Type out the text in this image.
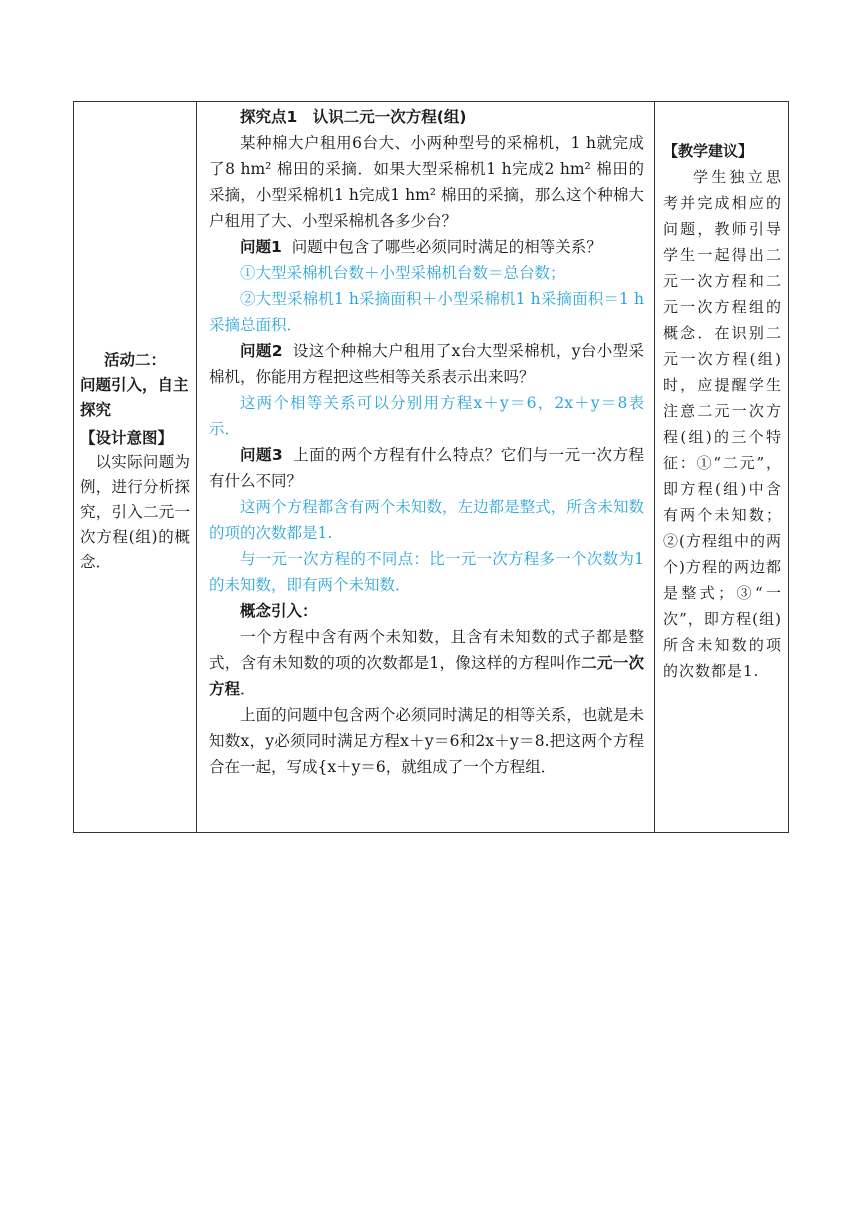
活动二：
问题引入，自主探究
【设计意图】
以实际问题为例，进行分析探究，引入二元一次方程(组)的概念．

探究点1　认识二元一次方程(组)

某种棉大户租用6台大、小两种型号的采棉机，1 h就完成了8 hm² 棉田的采摘．如果大型采棉机1 h完成2 hm² 棉田的采摘，小型采棉机1 h完成1 hm² 棉田的采摘，那么这个种棉大户租用了大、小型采棉机各多少台？

问题1 问题中包含了哪些必须同时满足的相等关系？

①大型采棉机台数＋小型采棉机台数＝总台数；

②大型采棉机1 h采摘面积＋小型采棉机1 h采摘面积＝1 h采摘总面积．

问题2 设这个种棉大户租用了x台大型采棉机，y台小型采棉机，你能用方程把这些相等关系表示出来吗？

这两个相等关系可以分别用方程x＋y＝6，2x＋y＝8表示．

问题3 上面的两个方程有什么特点？它们与一元一次方程有什么不同？

这两个方程都含有两个未知数，左边都是整式，所含未知数的项的次数都是1.

与一元一次方程的不同点：比一元一次方程多一个次数为1的未知数，即有两个未知数．

概念引入：

一个方程中含有两个未知数，且含有未知数的式子都是整式，含有未知数的项的次数都是1，像这样的方程叫作二元一次方程．

上面的问题中包含两个必须同时满足的相等关系，也就是未知数x，y必须同时满足方程x＋y＝6和2x＋y＝8.把这两个方程合在一起，写成{x＋y＝6，就组成了一个方程组．

【教学建议】
学生独立思考并完成相应的问题，教师引导学生一起得出二元一次方程和二元一次方程组的概念．在识别二元一次方程(组)时，应提醒学生注意二元一次方程(组)的三个特征：①“二元”，即方程(组)中含有两个未知数；②(方程组中的两个)方程的两边都是整式；③“一次”，即方程(组)所含未知数的项的次数都是1.
